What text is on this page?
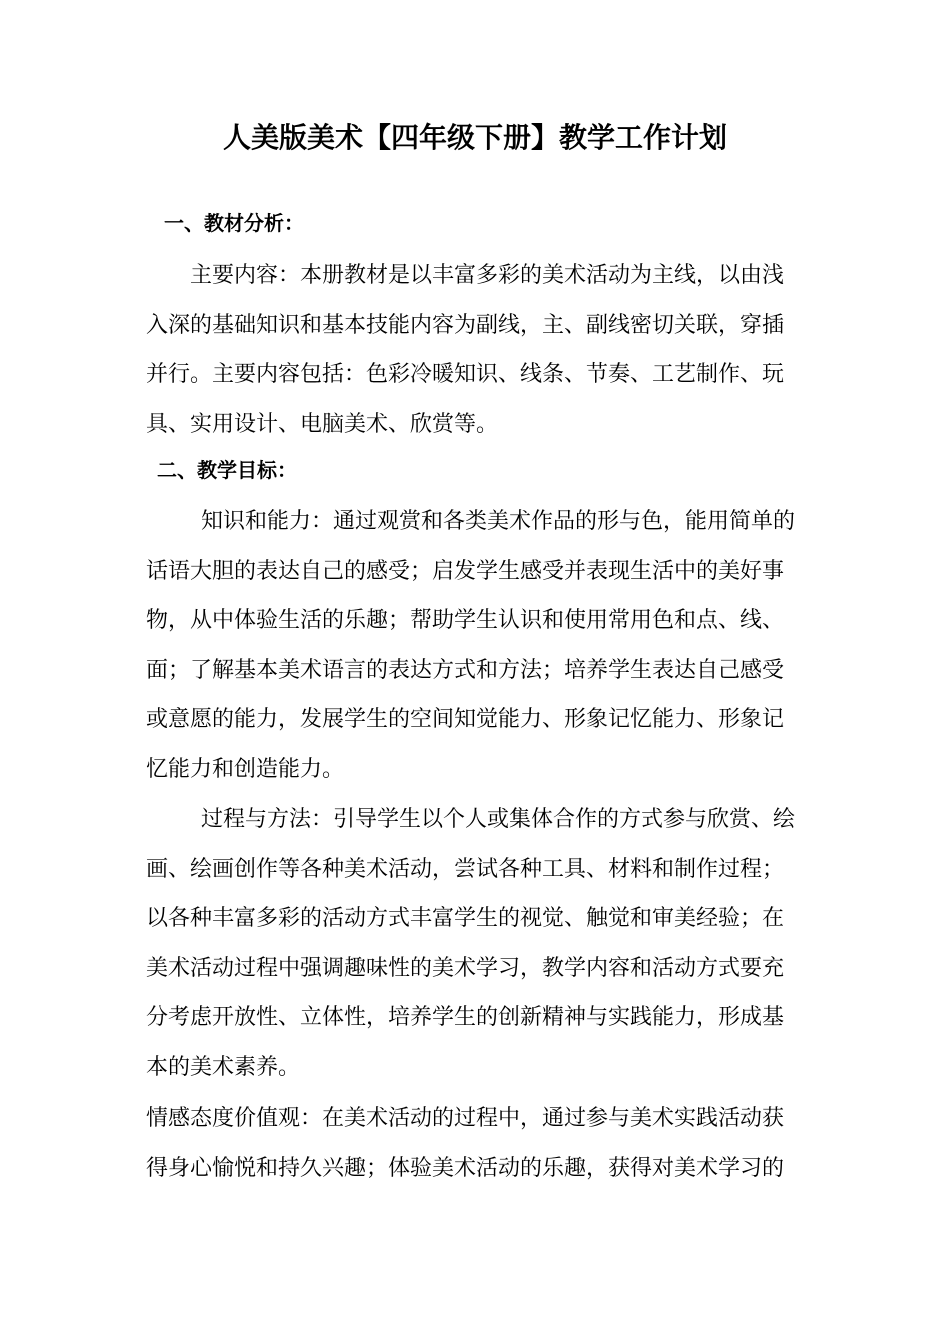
人美版美术【四年级下册】教学工作计划
一、教材分析：
主要内容：本册教材是以丰富多彩的美术活动为主线，以由浅
入深的基础知识和基本技能内容为副线，主、副线密切关联，穿插
并行。主要内容包括：色彩冷暖知识、线条、节奏、工艺制作、玩
具、实用设计、电脑美术、欣赏等。
二、教学目标：
知识和能力：通过观赏和各类美术作品的形与色，能用简单的
话语大胆的表达自己的感受；启发学生感受并表现生活中的美好事
物，从中体验生活的乐趣；帮助学生认识和使用常用色和点、线、
面；了解基本美术语言的表达方式和方法；培养学生表达自己感受
或意愿的能力，发展学生的空间知觉能力、形象记忆能力、形象记
忆能力和创造能力。
过程与方法：引导学生以个人或集体合作的方式参与欣赏、绘
画、绘画创作等各种美术活动，尝试各种工具、材料和制作过程；
以各种丰富多彩的活动方式丰富学生的视觉、触觉和审美经验；在
美术活动过程中强调趣味性的美术学习，教学内容和活动方式要充
分考虑开放性、立体性，培养学生的创新精神与实践能力，形成基
本的美术素养。
情感态度价值观：在美术活动的过程中，通过参与美术实践活动获
得身心愉悦和持久兴趣；体验美术活动的乐趣，获得对美术学习的
